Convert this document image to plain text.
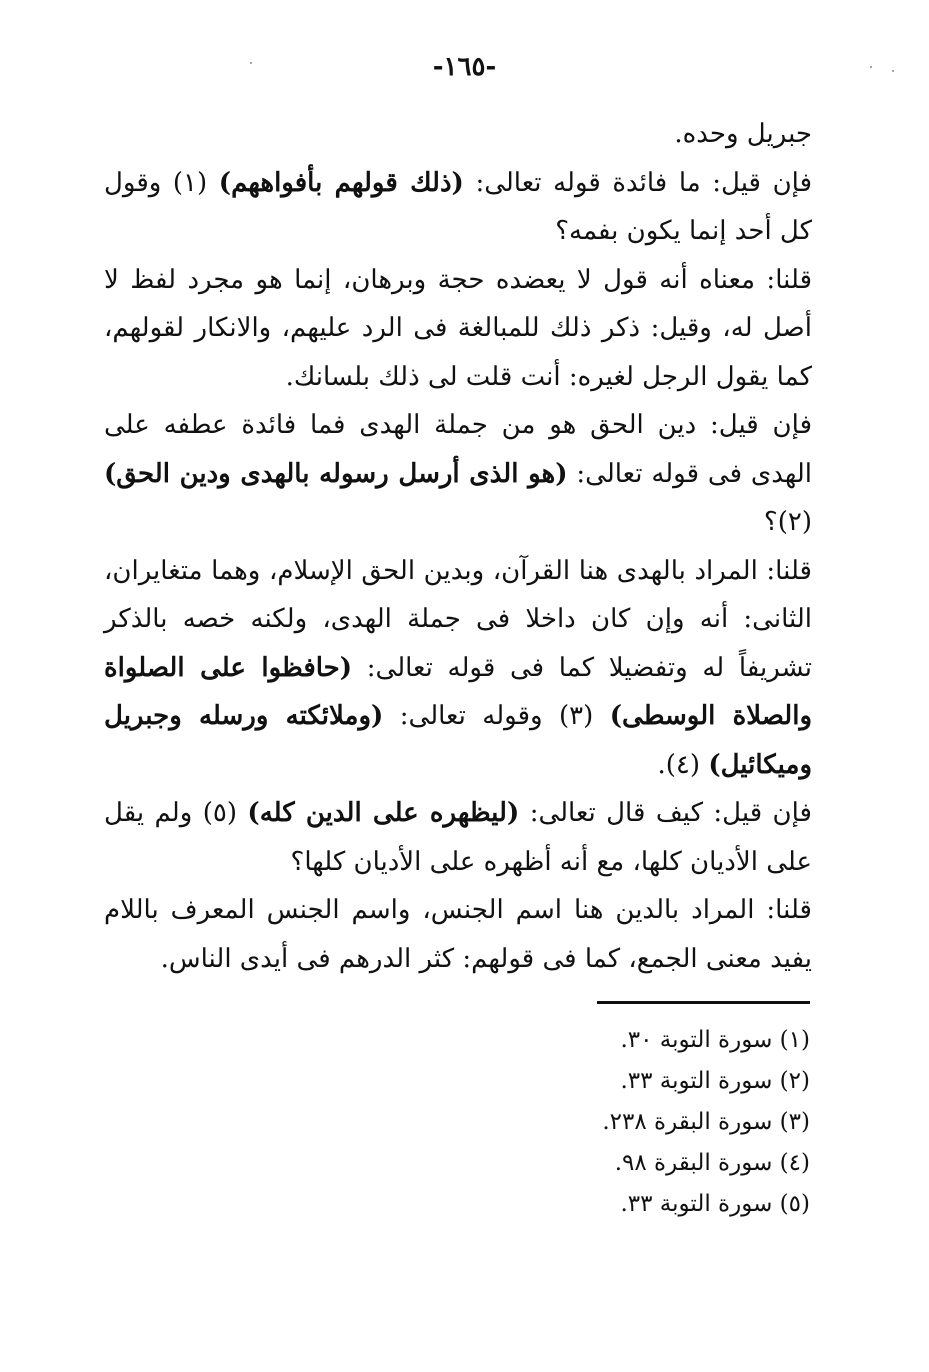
-١٦٥-

جبريل وحده.

فإن قيل: ما فائدة قوله تعالى: (ذلك قولهم بأفواههم) (١) وقول كل أحد إنما يكون بفمه؟

قلنا: معناه أنه قول لا يعضده حجة وبرهان، إنما هو مجرد لفظ لا أصل له، وقيل: ذكر ذلك للمبالغة فى الرد عليهم، والانكار لقولهم، كما يقول الرجل لغيره: أنت قلت لى ذلك بلسانك.

فإن قيل: دين الحق هو من جملة الهدى فما فائدة عطفه على الهدى فى قوله تعالى: (هو الذى أرسل رسوله بالهدى ودين الحق) (٢)؟

قلنا: المراد بالهدى هنا القرآن، وبدين الحق الإسلام، وهما متغايران، الثانى: أنه وإن كان داخلا فى جملة الهدى، ولكنه خصه بالذكر تشريفاً له وتفضيلا كما فى قوله تعالى: (حافظوا على الصلواة والصلاة الوسطى) (٣) وقوله تعالى: (وملائكته ورسله وجبريل وميكائيل) (٤).

فإن قيل: كيف قال تعالى: (ليظهره على الدين كله) (٥) ولم يقل على الأديان كلها، مع أنه أظهره على الأديان كلها؟

قلنا: المراد بالدين هنا اسم الجنس، واسم الجنس المعرف باللام يفيد معنى الجمع، كما فى قولهم: كثر الدرهم فى أيدى الناس.

(١) سورة التوبة ٣٠.
(٢) سورة التوبة ٣٣.
(٣) سورة البقرة ٢٣٨.
(٤) سورة البقرة ٩٨.
(٥) سورة التوبة ٣٣.
